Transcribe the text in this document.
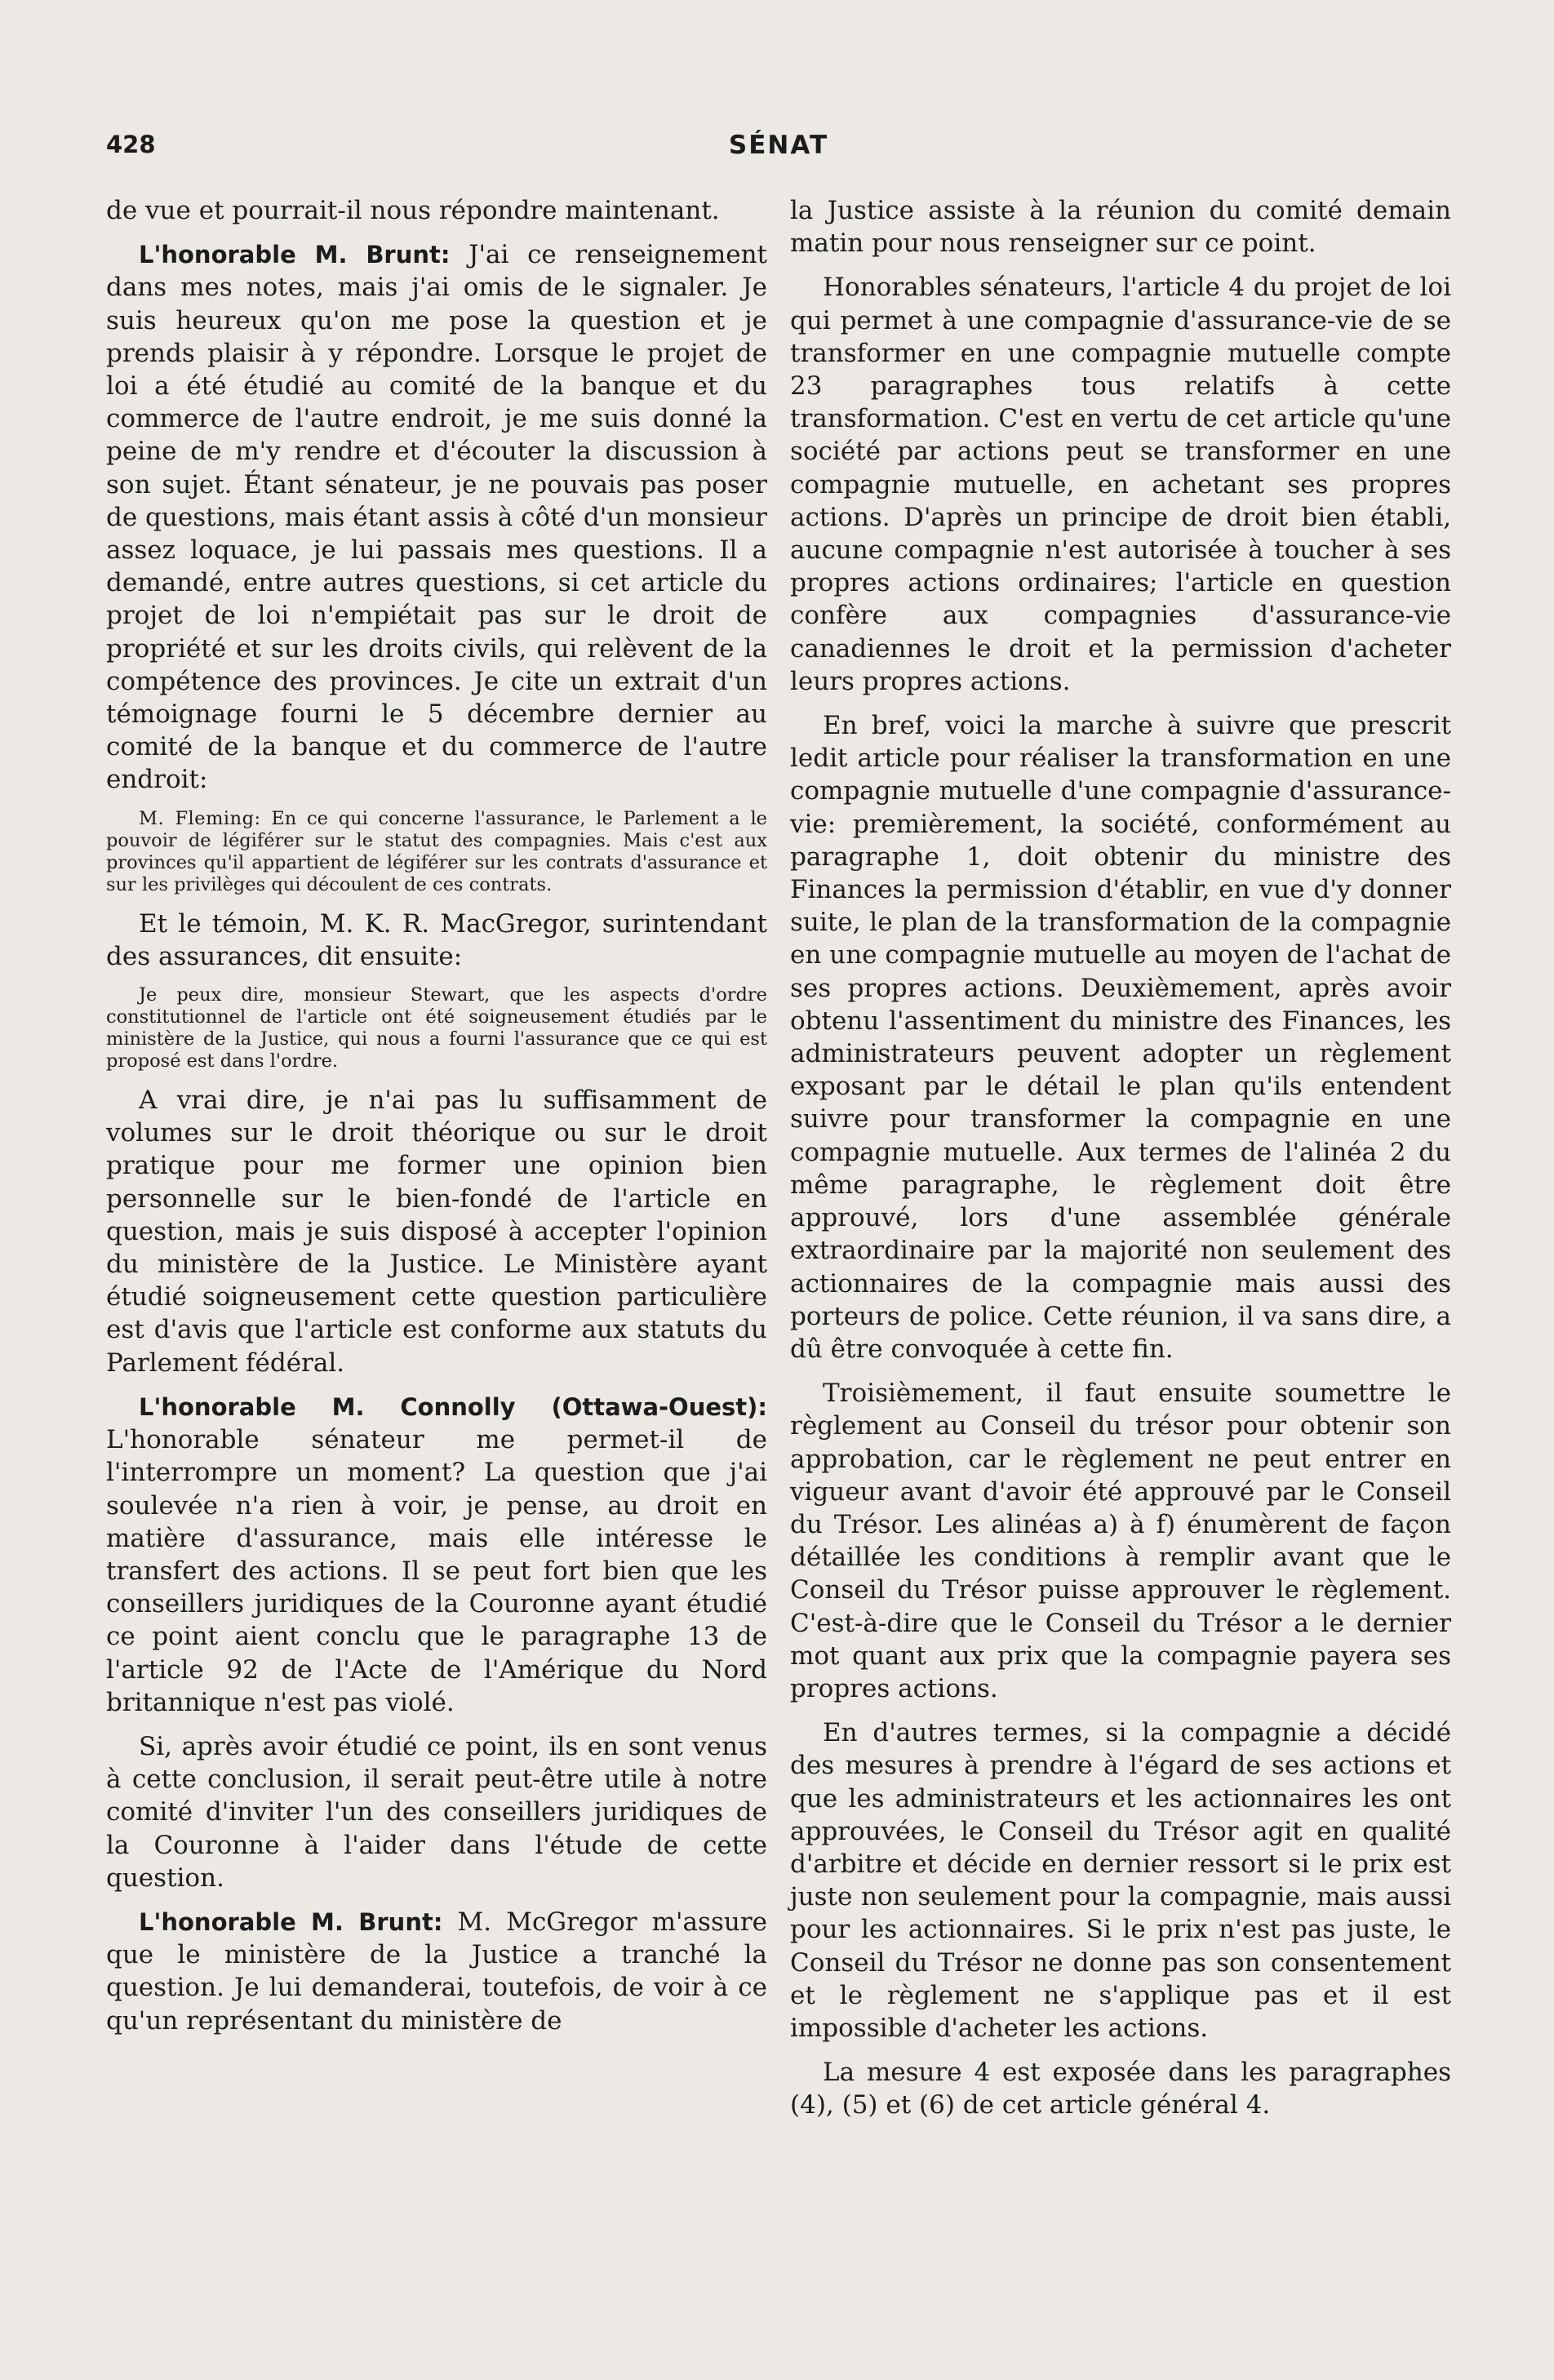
428	SÉNAT

de vue et pourrait-il nous répondre maintenant.

L'honorable M. Brunt: J'ai ce renseignement dans mes notes, mais j'ai omis de le signaler. Je suis heureux qu'on me pose la question et je prends plaisir à y répondre. Lorsque le projet de loi a été étudié au comité de la banque et du commerce de l'autre endroit, je me suis donné la peine de m'y rendre et d'écouter la discussion à son sujet. Étant sénateur, je ne pouvais pas poser de questions, mais étant assis à côté d'un monsieur assez loquace, je lui passais mes questions. Il a demandé, entre autres questions, si cet article du projet de loi n'empiétait pas sur le droit de propriété et sur les droits civils, qui relèvent de la compétence des provinces. Je cite un extrait d'un témoignage fourni le 5 décembre dernier au comité de la banque et du commerce de l'autre endroit:

M. Fleming: En ce qui concerne l'assurance, le Parlement a le pouvoir de légiférer sur le statut des compagnies. Mais c'est aux provinces qu'il appartient de légiférer sur les contrats d'assurance et sur les privilèges qui découlent de ces contrats.

Et le témoin, M. K. R. MacGregor, surintendant des assurances, dit ensuite:

Je peux dire, monsieur Stewart, que les aspects d'ordre constitutionnel de l'article ont été soigneusement étudiés par le ministère de la Justice, qui nous a fourni l'assurance que ce qui est proposé est dans l'ordre.

A vrai dire, je n'ai pas lu suffisamment de volumes sur le droit théorique ou sur le droit pratique pour me former une opinion bien personnelle sur le bien-fondé de l'article en question, mais je suis disposé à accepter l'opinion du ministère de la Justice. Le Ministère ayant étudié soigneusement cette question particulière est d'avis que l'article est conforme aux statuts du Parlement fédéral.

L'honorable M. Connolly (Ottawa-Ouest): L'honorable sénateur me permet-il de l'interrompre un moment? La question que j'ai soulevée n'a rien à voir, je pense, au droit en matière d'assurance, mais elle intéresse le transfert des actions. Il se peut fort bien que les conseillers juridiques de la Couronne ayant étudié ce point aient conclu que le paragraphe 13 de l'article 92 de l'Acte de l'Amérique du Nord britannique n'est pas violé.

Si, après avoir étudié ce point, ils en sont venus à cette conclusion, il serait peut-être utile à notre comité d'inviter l'un des conseillers juridiques de la Couronne à l'aider dans l'étude de cette question.

L'honorable M. Brunt: M. McGregor m'assure que le ministère de la Justice a tranché la question. Je lui demanderai, toutefois, de voir à ce qu'un représentant du ministère de

la Justice assiste à la réunion du comité demain matin pour nous renseigner sur ce point.

Honorables sénateurs, l'article 4 du projet de loi qui permet à une compagnie d'assurance-vie de se transformer en une compagnie mutuelle compte 23 paragraphes tous relatifs à cette transformation. C'est en vertu de cet article qu'une société par actions peut se transformer en une compagnie mutuelle, en achetant ses propres actions. D'après un principe de droit bien établi, aucune compagnie n'est autorisée à toucher à ses propres actions ordinaires; l'article en question confère aux compagnies d'assurance-vie canadiennes le droit et la permission d'acheter leurs propres actions.

En bref, voici la marche à suivre que prescrit ledit article pour réaliser la transformation en une compagnie mutuelle d'une compagnie d'assurance-vie: premièrement, la société, conformément au paragraphe 1, doit obtenir du ministre des Finances la permission d'établir, en vue d'y donner suite, le plan de la transformation de la compagnie en une compagnie mutuelle au moyen de l'achat de ses propres actions. Deuxièmement, après avoir obtenu l'assentiment du ministre des Finances, les administrateurs peuvent adopter un règlement exposant par le détail le plan qu'ils entendent suivre pour transformer la compagnie en une compagnie mutuelle. Aux termes de l'alinéa 2 du même paragraphe, le règlement doit être approuvé, lors d'une assemblée générale extraordinaire par la majorité non seulement des actionnaires de la compagnie mais aussi des porteurs de police. Cette réunion, il va sans dire, a dû être convoquée à cette fin.

Troisièmement, il faut ensuite soumettre le règlement au Conseil du trésor pour obtenir son approbation, car le règlement ne peut entrer en vigueur avant d'avoir été approuvé par le Conseil du Trésor. Les alinéas a) à f) énumèrent de façon détaillée les conditions à remplir avant que le Conseil du Trésor puisse approuver le règlement. C'est-à-dire que le Conseil du Trésor a le dernier mot quant aux prix que la compagnie payera ses propres actions.

En d'autres termes, si la compagnie a décidé des mesures à prendre à l'égard de ses actions et que les administrateurs et les actionnaires les ont approuvées, le Conseil du Trésor agit en qualité d'arbitre et décide en dernier ressort si le prix est juste non seulement pour la compagnie, mais aussi pour les actionnaires. Si le prix n'est pas juste, le Conseil du Trésor ne donne pas son consentement et le règlement ne s'applique pas et il est impossible d'acheter les actions.

La mesure 4 est exposée dans les paragraphes (4), (5) et (6) de cet article général 4.
